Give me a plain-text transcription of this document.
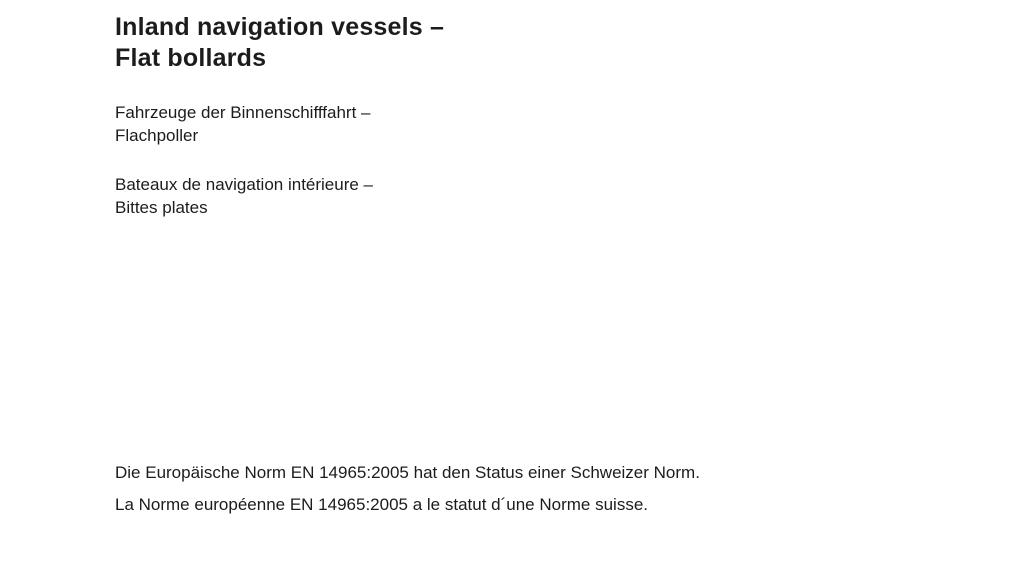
Inland navigation vessels –
Flat bollards
Fahrzeuge der Binnenschifffahrt –
Flachpoller
Bateaux de navigation intérieure –
Bittes plates
Die Europäische Norm EN 14965:2005 hat den Status einer Schweizer Norm.
La Norme européenne EN 14965:2005 a le statut d´une Norme suisse.
